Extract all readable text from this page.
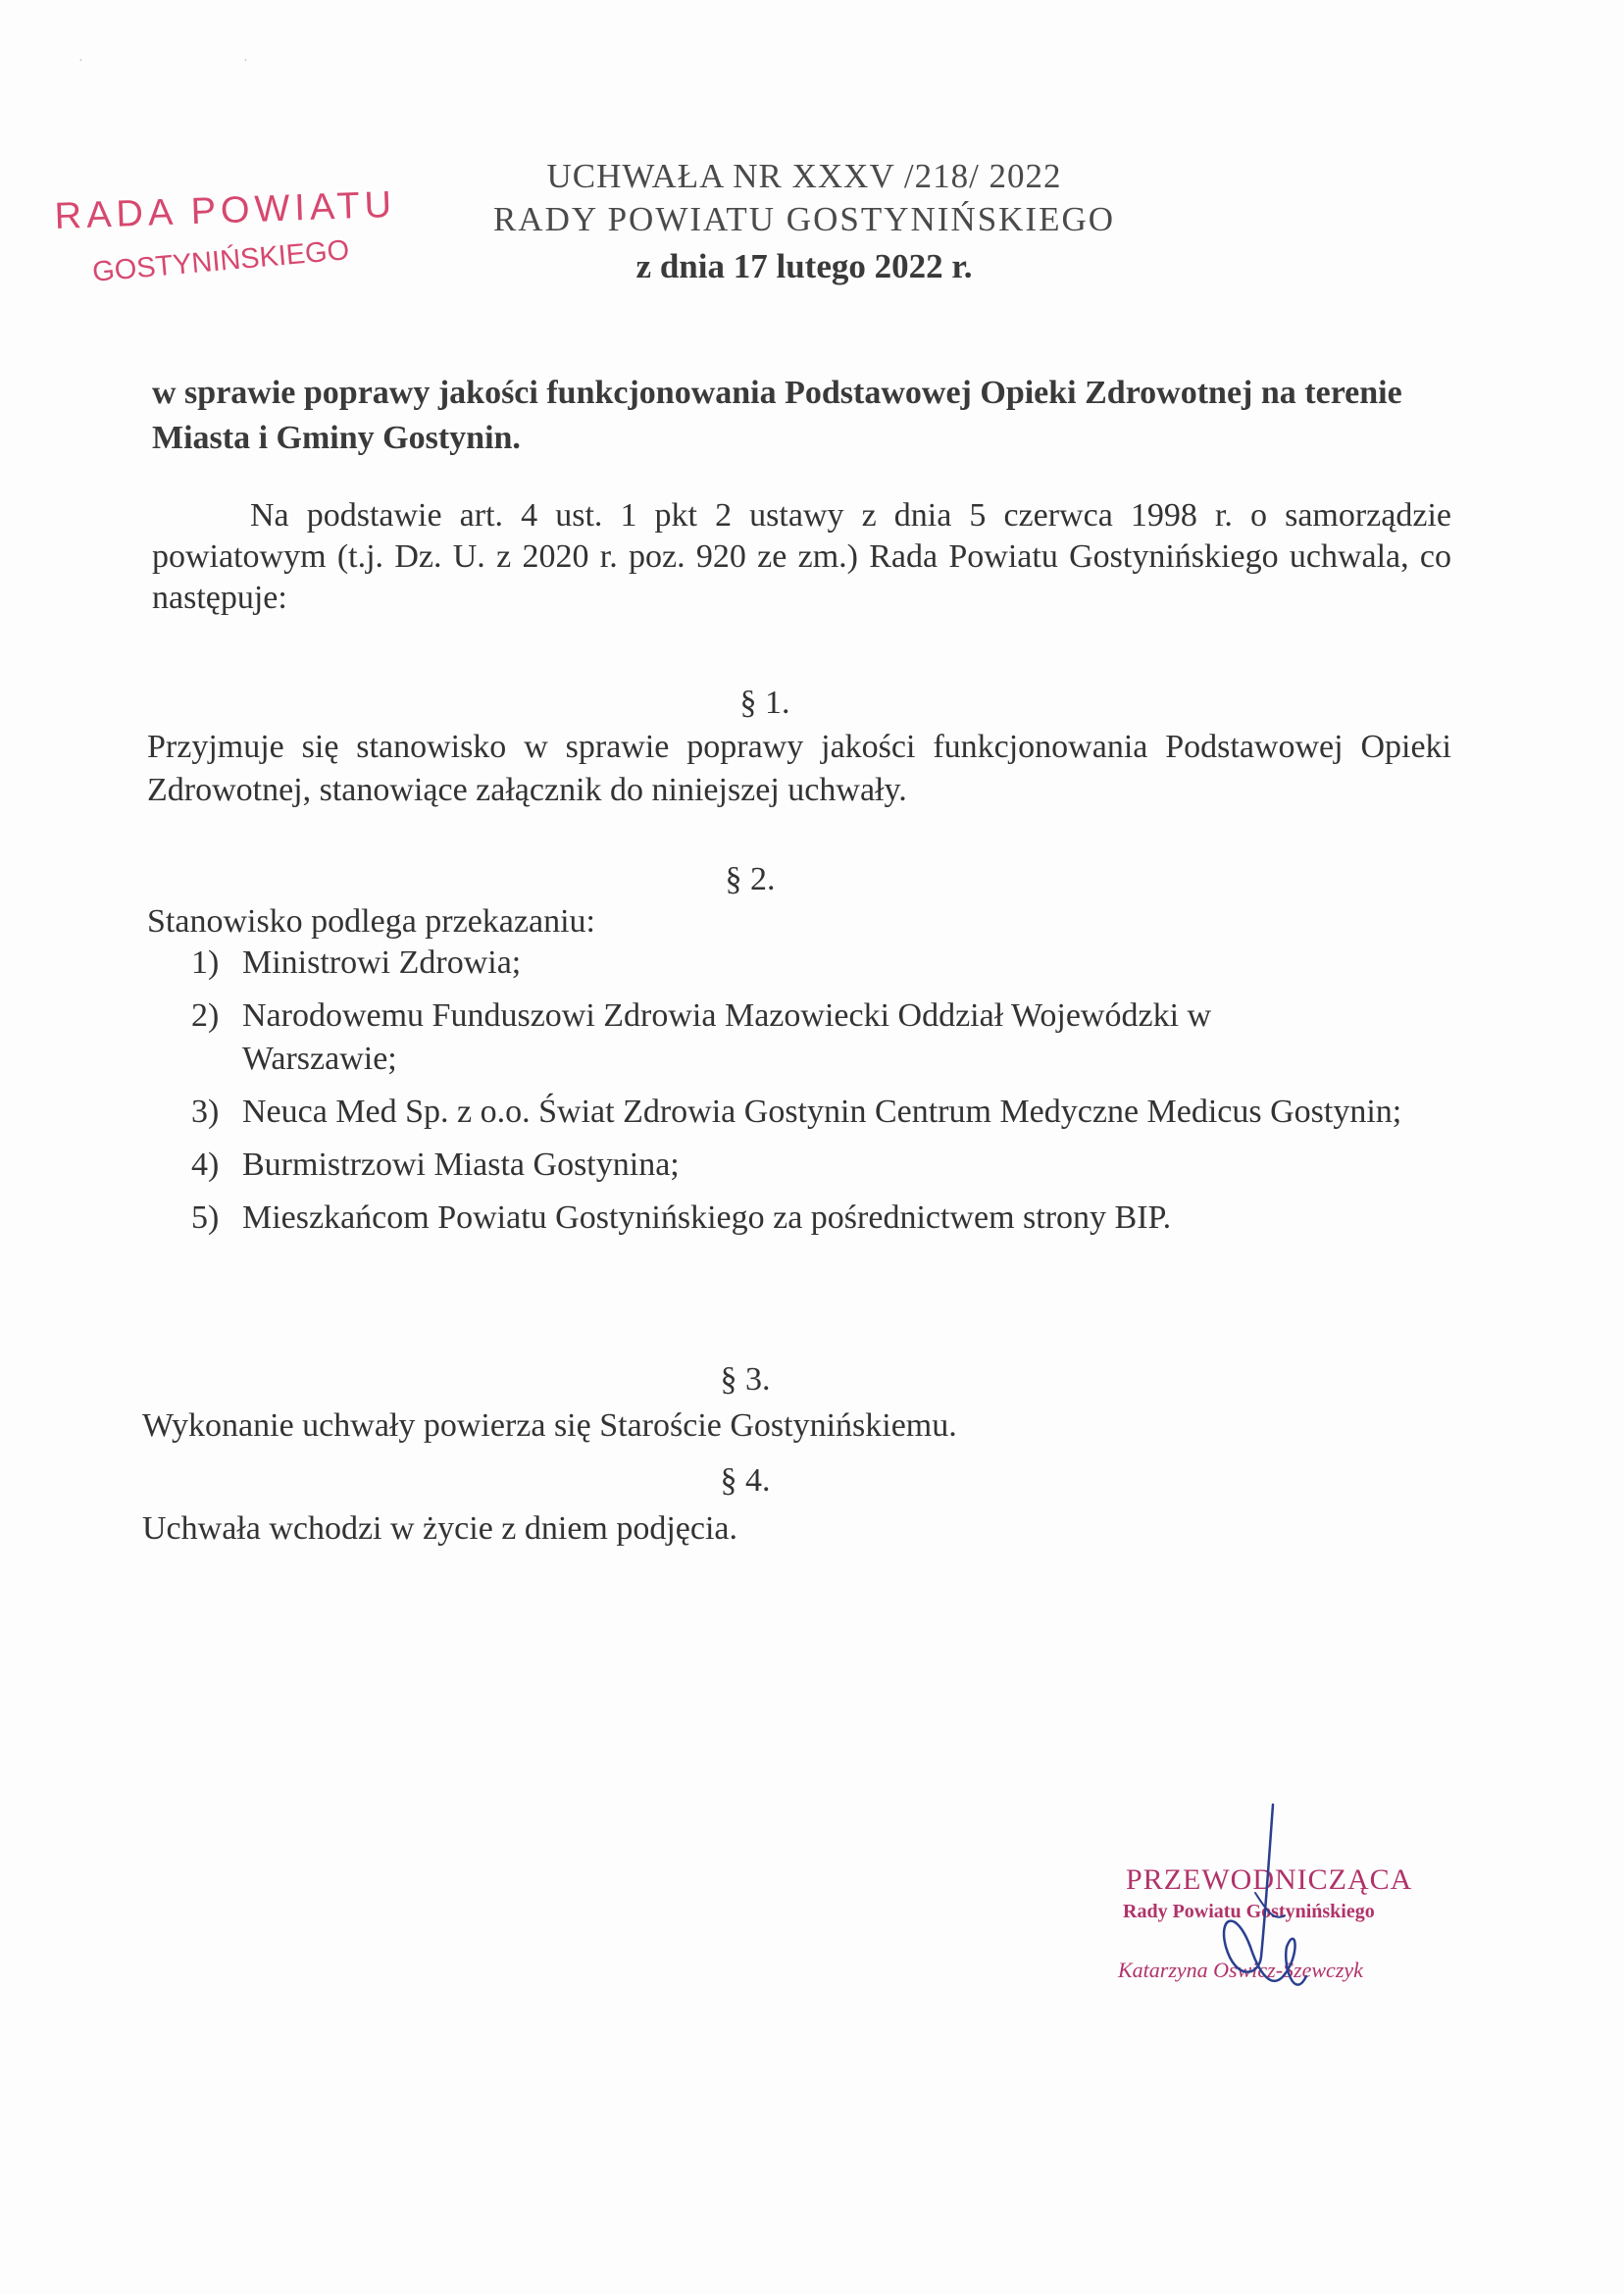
· ·
RADA POWIATU
GOSTYNIŃSKIEGO
UCHWAŁA NR XXXV /218/ 2022
RADY POWIATU GOSTYNIŃSKIEGO
z dnia 17 lutego 2022 r.
w sprawie poprawy jakości funkcjonowania Podstawowej Opieki Zdrowotnej na terenie Miasta i Gminy Gostynin.
Na podstawie art. 4 ust. 1 pkt 2 ustawy z dnia 5 czerwca 1998 r. o samorządzie powiatowym (t.j. Dz. U. z 2020 r. poz. 920 ze zm.) Rada Powiatu Gostynińskiego uchwala, co następuje:
§ 1.
Przyjmuje się stanowisko w sprawie poprawy jakości funkcjonowania Podstawowej Opieki Zdrowotnej, stanowiące załącznik do niniejszej uchwały.
§ 2.
Stanowisko podlega przekazaniu:
1) Ministrowi Zdrowia;
2) Narodowemu Funduszowi Zdrowia Mazowiecki Oddział Wojewódzki w Warszawie;
3) Neuca Med Sp. z o.o. Świat Zdrowia Gostynin Centrum Medyczne Medicus Gostynin;
4) Burmistrzowi Miasta Gostynina;
5) Mieszkańcom Powiatu Gostynińskiego za pośrednictwem strony BIP.
§ 3.
Wykonanie uchwały powierza się Staroście Gostynińskiemu.
§ 4.
Uchwała wchodzi w życie z dniem podjęcia.
PRZEWODNICZĄCA
Rady Powiatu Gostynińskiego
Katarzyna Oswicz-Szewczyk
